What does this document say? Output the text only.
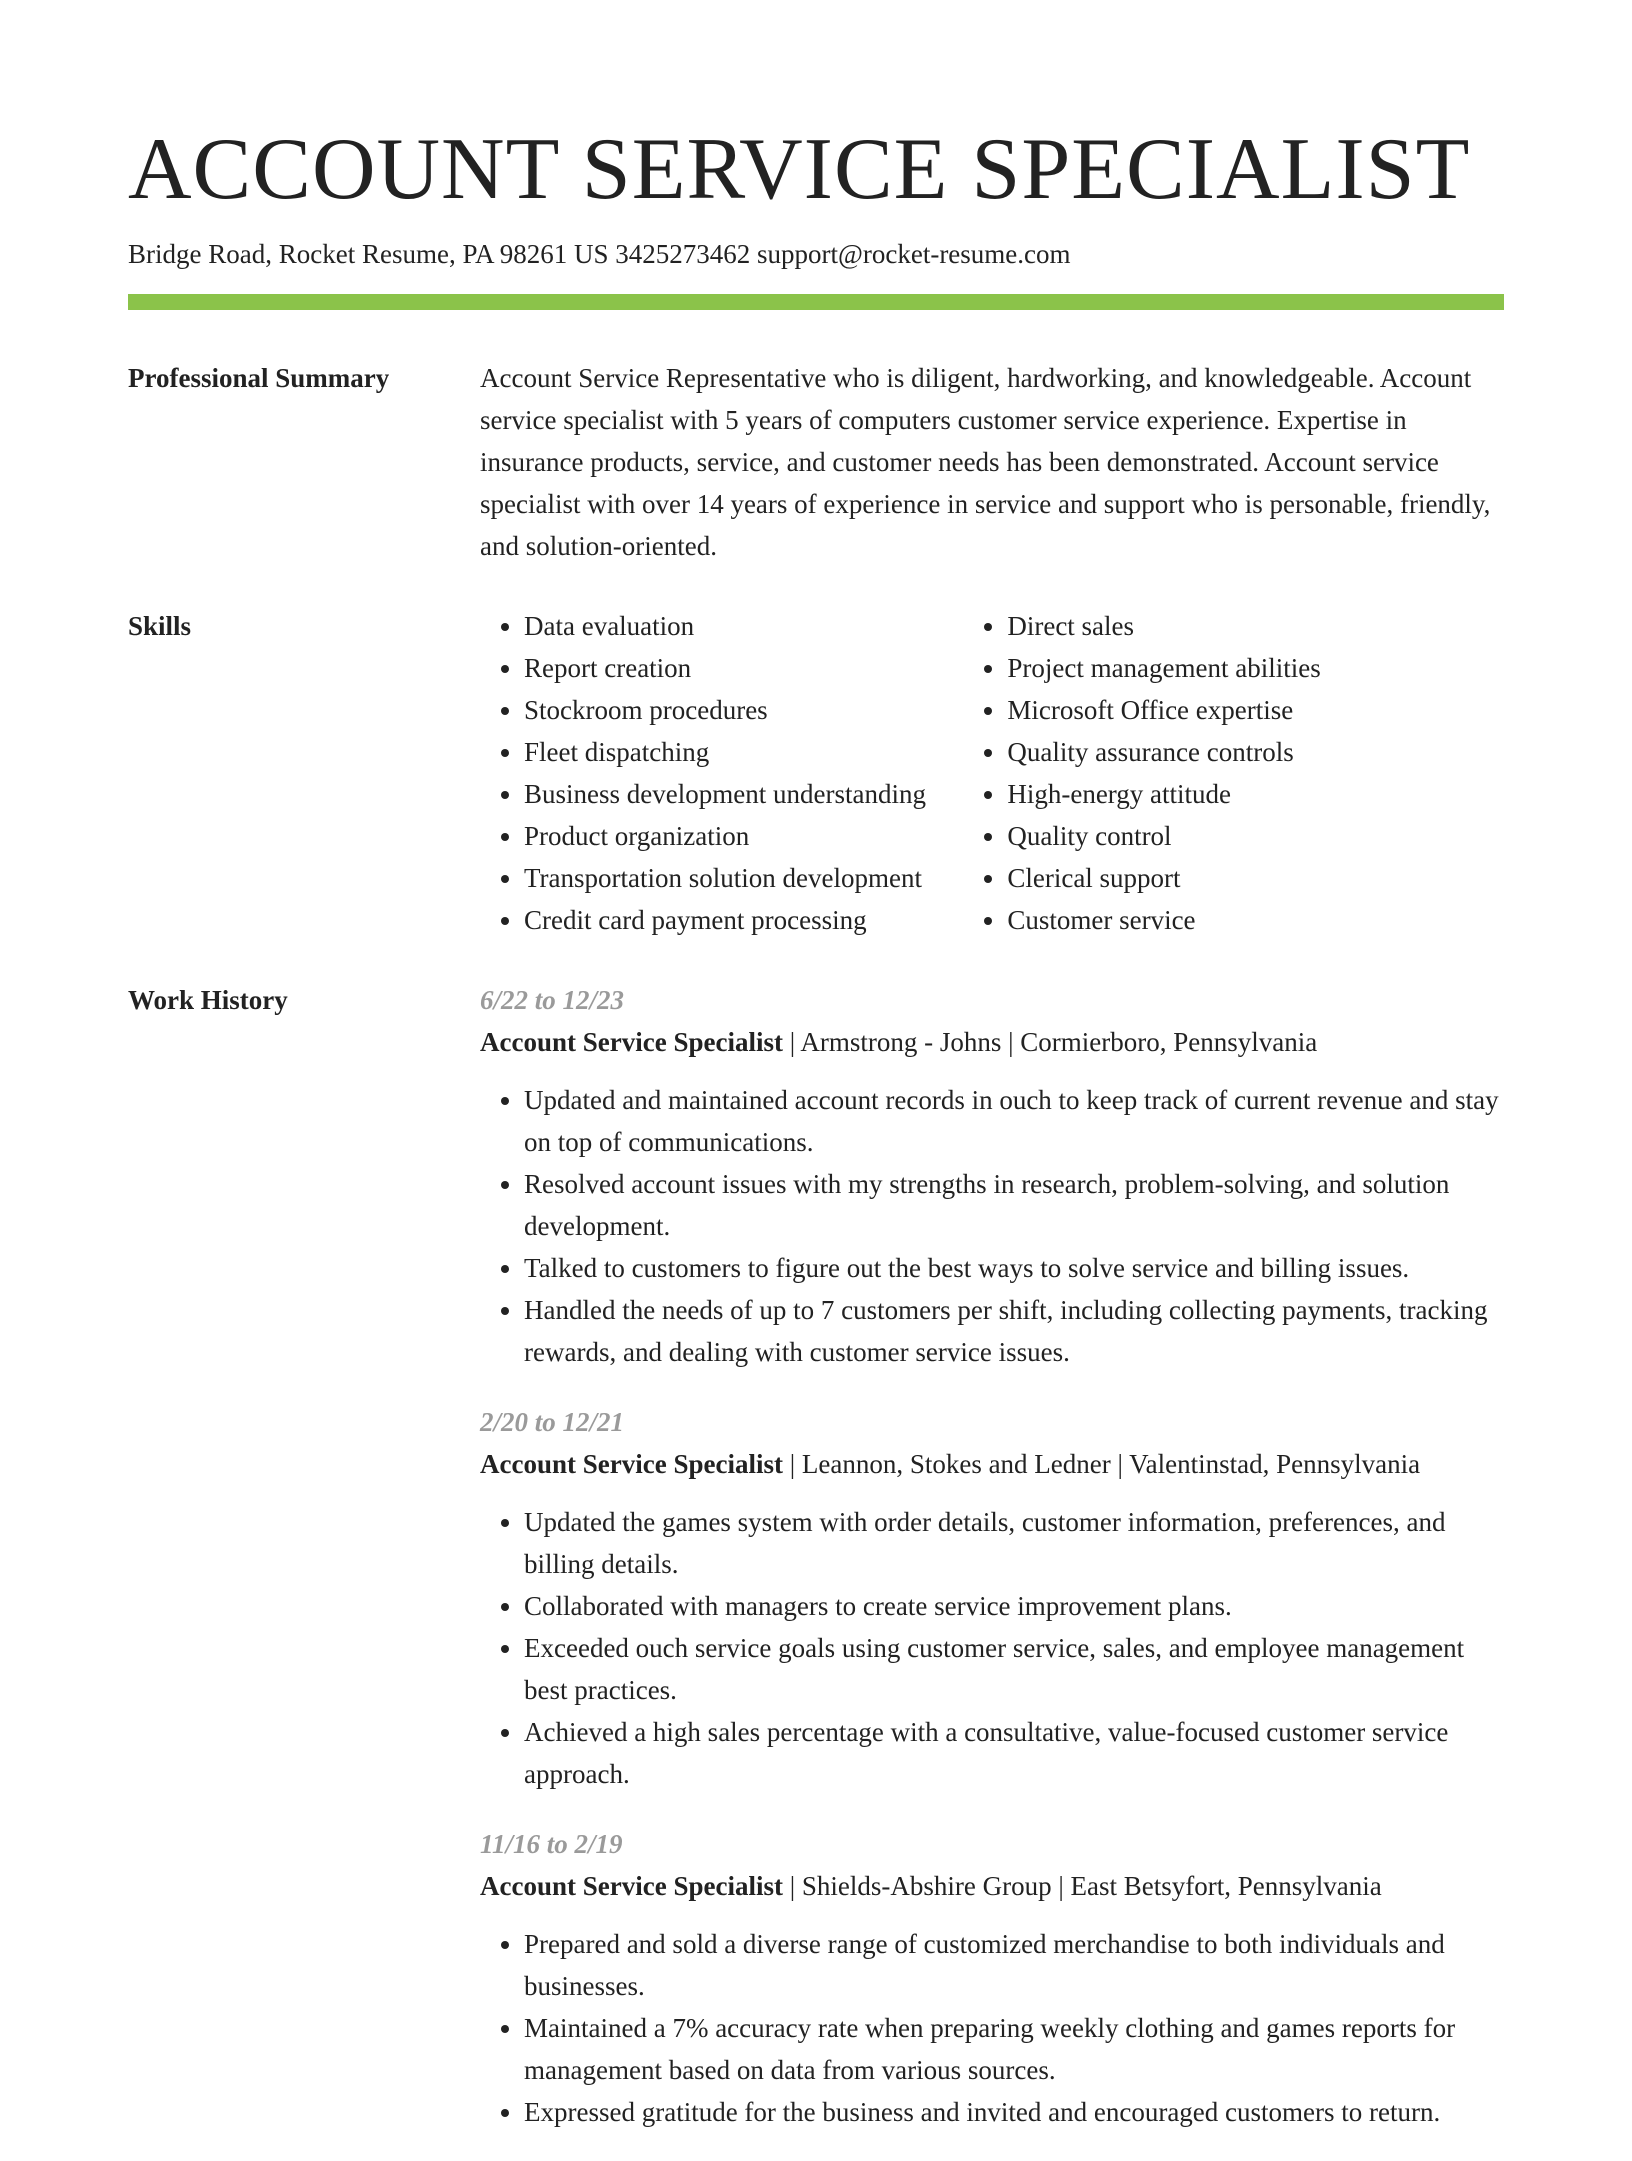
ACCOUNT SERVICE SPECIALIST
Bridge Road, Rocket Resume, PA 98261 US 3425273462 support@rocket-resume.com
Professional Summary	Account Service Representative who is diligent, hardworking, and knowledgeable. Account service specialist with 5 years of computers customer service experience. Expertise in insurance products, service, and customer needs has been demonstrated. Account service specialist with over 14 years of experience in service and support who is personable, friendly, and solution-oriented.

Skills
•	Data evaluation
• Report creation
• Stockroom procedures
• Fleet dispatching
• Business development understanding
• Product organization
• Transportation solution development
• Credit card payment processing
• Direct sales
• Project management abilities
• Microsoft Office expertise
• Quality assurance controls
• High-energy attitude
• Quality control
• Clerical support
• Customer service
Work History	6/22 to 12/23
Account Service Specialist | Armstrong - Johns | Cormierboro, Pennsylvania
• Updated and maintained account records in ouch to keep track of current revenue and stay on top of communications.
• Resolved account issues with my strengths in research, problem-solving, and solution development.
• Talked to customers to figure out the best ways to solve service and billing issues.
• Handled the needs of up to 7 customers per shift, including collecting payments, tracking rewards, and dealing with customer service issues.
2/20 to 12/21
Account Service Specialist | Leannon, Stokes and Ledner | Valentinstad, Pennsylvania
• Updated the games system with order details, customer information, preferences, and billing details.
• Collaborated with managers to create service improvement plans.
• Exceeded ouch service goals using customer service, sales, and employee management best practices.
• Achieved a high sales percentage with a consultative, value-focused customer service approach.
11/16 to 2/19
Account Service Specialist | Shields-Abshire Group | East Betsyfort, Pennsylvania
• Prepared and sold a diverse range of customized merchandise to both individuals and businesses.
• Maintained a 7% accuracy rate when preparing weekly clothing and games reports for management based on data from various sources.
• Expressed gratitude for the business and invited and encouraged customers to return.
